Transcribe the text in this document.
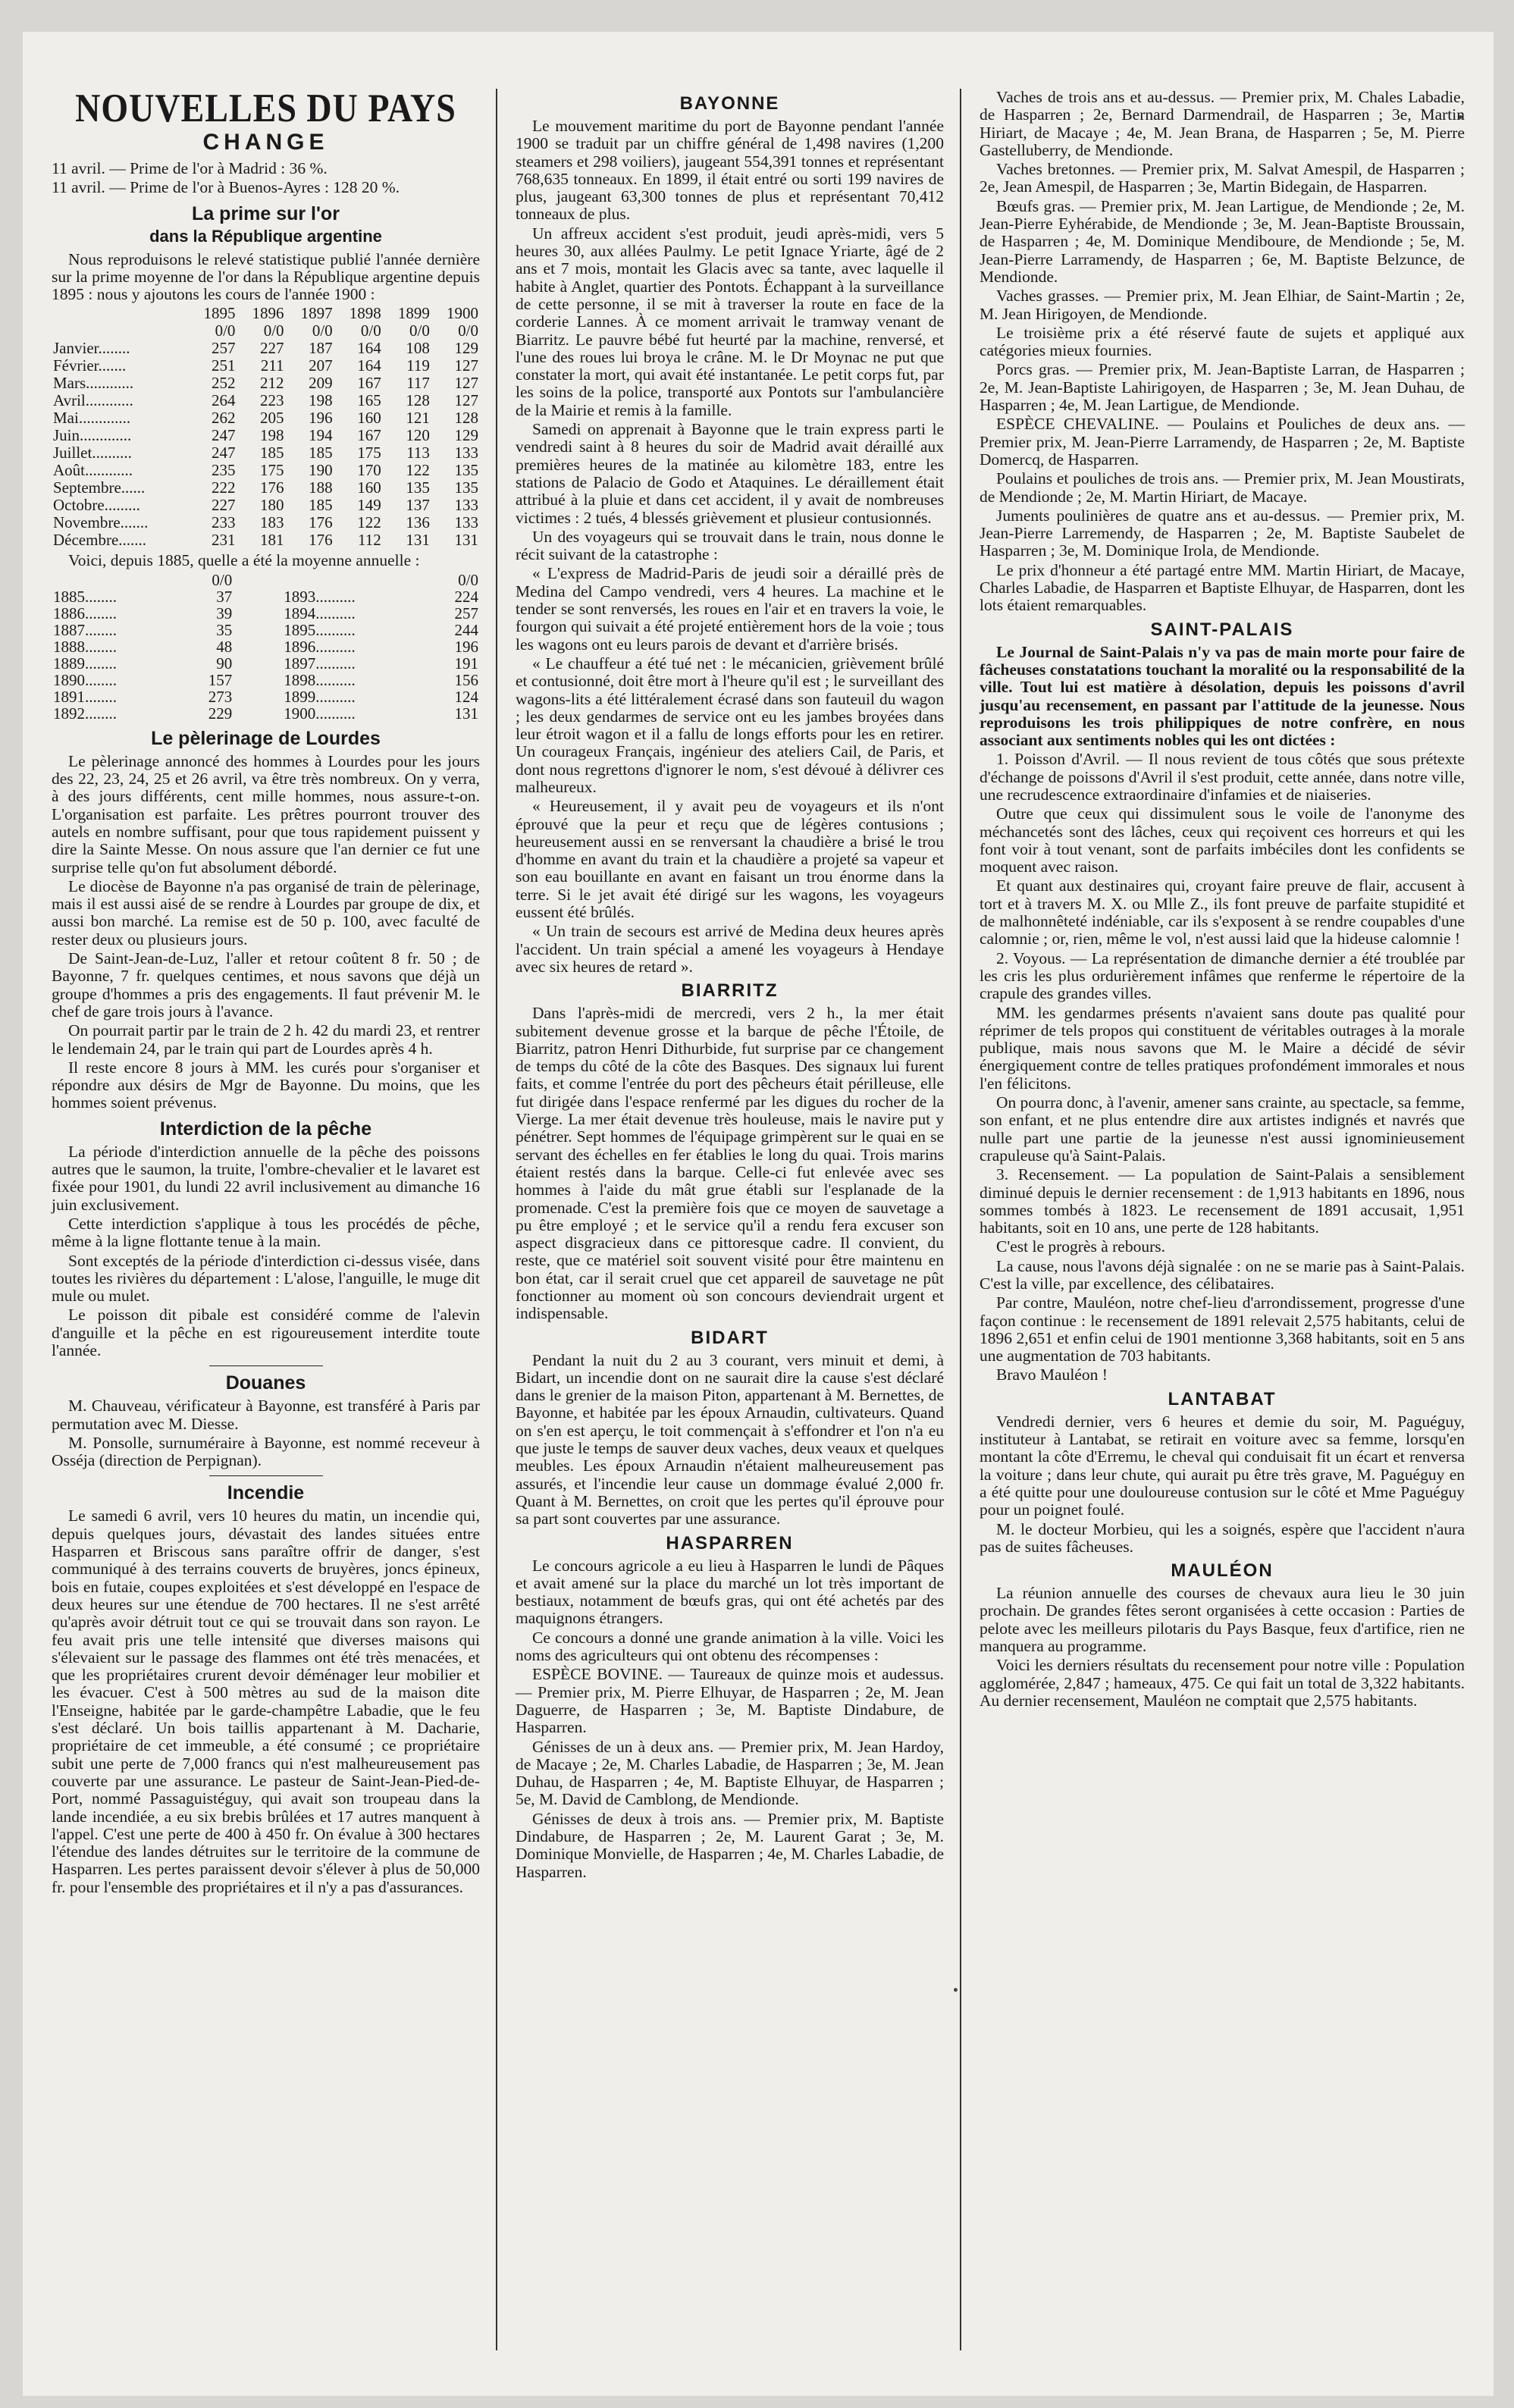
NOUVELLES DU PAYS
CHANGE

11 avril. — Prime de l'or à Madrid : 36 %.

11 avril. — Prime de l'or à Buenos-Ayres : 128 20 %.

La prime sur l'or
dans la République argentine

Nous reproduisons le relevé statistique publié l'année dernière sur la prime moyenne de l'or dans la République argentine depuis 1895 : nous y ajoutons les cours de l'année 1900 :

	1895	1896	1897	1898	1899	1900
	0/0	0/0	0/0	0/0	0/0	0/0
Janvier........	257	227	187	164	108	129
Février.......	251	211	207	164	119	127
Mars............	252	212	209	167	117	127
Avril............	264	223	198	165	128	127
Mai.............	262	205	196	160	121	128
Juin.............	247	198	194	167	120	129
Juillet..........	247	185	185	175	113	133
Août............	235	175	190	170	122	135
Septembre......	222	176	188	160	135	135
Octobre.........	227	180	185	149	137	133
Novembre.......	233	183	176	122	136	133
Décembre.......	231	181	176	112	131	131

Voici, depuis 1885, quelle a été la moyenne annuelle :

	0/0			0/0
1885........	37		1893..........	224
1886........	39		1894..........	257
1887........	35		1895..........	244
1888........	48		1896..........	196
1889........	90		1897..........	191
1890........	157		1898..........	156
1891........	273		1899..........	124
1892........	229		1900..........	131
Le pèlerinage de Lourdes

Le pèlerinage annoncé des hommes à Lourdes pour les jours des 22, 23, 24, 25 et 26 avril, va être très nombreux. On y verra, à des jours différents, cent mille hommes, nous assure-t-on. L'organisation est parfaite. Les prêtres pourront trouver des autels en nombre suffisant, pour que tous rapidement puissent y dire la Sainte Messe. On nous assure que l'an dernier ce fut une surprise telle qu'on fut absolument débordé.

Le diocèse de Bayonne n'a pas organisé de train de pèlerinage, mais il est aussi aisé de se rendre à Lourdes par groupe de dix, et aussi bon marché. La remise est de 50 p. 100, avec faculté de rester deux ou plusieurs jours.

De Saint-Jean-de-Luz, l'aller et retour coûtent 8 fr. 50 ; de Bayonne, 7 fr. quelques centimes, et nous savons que déjà un groupe d'hommes a pris des engagements. Il faut prévenir M. le chef de gare trois jours à l'avance.

On pourrait partir par le train de 2 h. 42 du mardi 23, et rentrer le lendemain 24, par le train qui part de Lourdes après 4 h.

Il reste encore 8 jours à MM. les curés pour s'organiser et répondre aux désirs de Mgr de Bayonne. Du moins, que les hommes soient prévenus.

Interdiction de la pêche

La période d'interdiction annuelle de la pêche des poissons autres que le saumon, la truite, l'ombre-chevalier et le lavaret est fixée pour 1901, du lundi 22 avril inclusivement au dimanche 16 juin exclusivement.

Cette interdiction s'applique à tous les procédés de pêche, même à la ligne flottante tenue à la main.

Sont exceptés de la période d'interdiction ci-dessus visée, dans toutes les rivières du département : L'alose, l'anguille, le muge dit mule ou mulet.

Le poisson dit pibale est considéré comme de l'alevin d'anguille et la pêche en est rigoureusement interdite toute l'année.

Douanes

M. Chauveau, vérificateur à Bayonne, est transféré à Paris par permutation avec M. Diesse.

M. Ponsolle, surnuméraire à Bayonne, est nommé receveur à Osséja (direction de Perpignan).

Incendie

Le samedi 6 avril, vers 10 heures du matin, un incendie qui, depuis quelques jours, dévastait des landes situées entre Hasparren et Briscous sans paraître offrir de danger, s'est communiqué à des terrains couverts de bruyères, joncs épineux, bois en futaie, coupes exploitées et s'est développé en l'espace de deux heures sur une étendue de 700 hectares. Il ne s'est arrêté qu'après avoir détruit tout ce qui se trouvait dans son rayon. Le feu avait pris une telle intensité que diverses maisons qui s'élevaient sur le passage des flammes ont été très menacées, et que les propriétaires crurent devoir déménager leur mobilier et les évacuer. C'est à 500 mètres au sud de la maison dite l'Enseigne, habitée par le garde-champêtre Labadie, que le feu s'est déclaré. Un bois taillis appartenant à M. Dacharie, propriétaire de cet immeuble, a été consumé ; ce propriétaire subit une perte de 7,000 francs qui n'est malheureusement pas couverte par une assurance. Le pasteur de Saint-Jean-Pied-de-Port, nommé Passaguistéguy, qui avait son troupeau dans la lande incendiée, a eu six brebis brûlées et 17 autres manquent à l'appel. C'est une perte de 400 à 450 fr. On évalue à 300 hectares l'étendue des landes détruites sur le territoire de la commune de Hasparren. Les pertes paraissent devoir s'élever à plus de 50,000 fr. pour l'ensemble des propriétaires et il n'y a pas d'assurances.

BAYONNE

Le mouvement maritime du port de Bayonne pendant l'année 1900 se traduit par un chiffre général de 1,498 navires (1,200 steamers et 298 voiliers), jaugeant 554,391 tonnes et représentant 768,635 tonneaux. En 1899, il était entré ou sorti 199 navires de plus, jaugeant 63,300 tonnes de plus et représentant 70,412 tonneaux de plus.

Un affreux accident s'est produit, jeudi après-midi, vers 5 heures 30, aux allées Paulmy. Le petit Ignace Yriarte, âgé de 2 ans et 7 mois, montait les Glacis avec sa tante, avec laquelle il habite à Anglet, quartier des Pontots. Échappant à la surveillance de cette personne, il se mit à traverser la route en face de la corderie Lannes. À ce moment arrivait le tramway venant de Biarritz. Le pauvre bébé fut heurté par la machine, renversé, et l'une des roues lui broya le crâne. M. le Dr Moynac ne put que constater la mort, qui avait été instantanée. Le petit corps fut, par les soins de la police, transporté aux Pontots sur l'ambulancière de la Mairie et remis à la famille.

Samedi on apprenait à Bayonne que le train express parti le vendredi saint à 8 heures du soir de Madrid avait déraillé aux premières heures de la matinée au kilomètre 183, entre les stations de Palacio de Godo et Ataquines. Le déraillement était attribué à la pluie et dans cet accident, il y avait de nombreuses victimes : 2 tués, 4 blessés grièvement et plusieur contusionnés.

Un des voyageurs qui se trouvait dans le train, nous donne le récit suivant de la catastrophe :

« L'express de Madrid-Paris de jeudi soir a déraillé près de Medina del Campo vendredi, vers 4 heures. La machine et le tender se sont renversés, les roues en l'air et en travers la voie, le fourgon qui suivait a été projeté entièrement hors de la voie ; tous les wagons ont eu leurs parois de devant et d'arrière brisés.

« Le chauffeur a été tué net : le mécanicien, grièvement brûlé et contusionné, doit être mort à l'heure qu'il est ; le surveillant des wagons-lits a été littéralement écrasé dans son fauteuil du wagon ; les deux gendarmes de service ont eu les jambes broyées dans leur étroit wagon et il a fallu de longs efforts pour les en retirer. Un courageux Français, ingénieur des ateliers Cail, de Paris, et dont nous regrettons d'ignorer le nom, s'est dévoué à délivrer ces malheureux.

« Heureusement, il y avait peu de voyageurs et ils n'ont éprouvé que la peur et reçu que de légères contusions ; heureusement aussi en se renversant la chaudière a brisé le trou d'homme en avant du train et la chaudière a projeté sa vapeur et son eau bouillante en avant en faisant un trou énorme dans la terre. Si le jet avait été dirigé sur les wagons, les voyageurs eussent été brûlés.

« Un train de secours est arrivé de Medina deux heures après l'accident. Un train spécial a amené les voyageurs à Hendaye avec six heures de retard ».

BIARRITZ

Dans l'après-midi de mercredi, vers 2 h., la mer était subitement devenue grosse et la barque de pêche l'Étoile, de Biarritz, patron Henri Dithurbide, fut surprise par ce changement de temps du côté de la côte des Basques. Des signaux lui furent faits, et comme l'entrée du port des pêcheurs était périlleuse, elle fut dirigée dans l'espace renfermé par les digues du rocher de la Vierge. La mer était devenue très houleuse, mais le navire put y pénétrer. Sept hommes de l'équipage grimpèrent sur le quai en se servant des échelles en fer établies le long du quai. Trois marins étaient restés dans la barque. Celle-ci fut enlevée avec ses hommes à l'aide du mât grue établi sur l'esplanade de la promenade. C'est la première fois que ce moyen de sauvetage a pu être employé ; et le service qu'il a rendu fera excuser son aspect disgracieux dans ce pittoresque cadre. Il convient, du reste, que ce matériel soit souvent visité pour être maintenu en bon état, car il serait cruel que cet appareil de sauvetage ne pût fonctionner au moment où son concours deviendrait urgent et indispensable.

BIDART

Pendant la nuit du 2 au 3 courant, vers minuit et demi, à Bidart, un incendie dont on ne saurait dire la cause s'est déclaré dans le grenier de la maison Piton, appartenant à M. Bernettes, de Bayonne, et habitée par les époux Arnaudin, cultivateurs. Quand on s'en est aperçu, le toit commençait à s'effondrer et l'on n'a eu que juste le temps de sauver deux vaches, deux veaux et quelques meubles. Les époux Arnaudin n'étaient malheureusement pas assurés, et l'incendie leur cause un dommage évalué 2,000 fr. Quant à M. Bernettes, on croit que les pertes qu'il éprouve pour sa part sont couvertes par une assurance.

HASPARREN

Le concours agricole a eu lieu à Hasparren le lundi de Pâques et avait amené sur la place du marché un lot très important de bestiaux, notamment de bœufs gras, qui ont été achetés par des maquignons étrangers.

Ce concours a donné une grande animation à la ville. Voici les noms des agriculteurs qui ont obtenu des récompenses :

ESPÈCE BOVINE. — Taureaux de quinze mois et audessus. — Premier prix, M. Pierre Elhuyar, de Hasparren ; 2e, M. Jean Daguerre, de Hasparren ; 3e, M. Baptiste Dindabure, de Hasparren.

Génisses de un à deux ans. — Premier prix, M. Jean Hardoy, de Macaye ; 2e, M. Charles Labadie, de Hasparren ; 3e, M. Jean Duhau, de Hasparren ; 4e, M. Baptiste Elhuyar, de Hasparren ; 5e, M. David de Camblong, de Mendionde.

Génisses de deux à trois ans. — Premier prix, M. Baptiste Dindabure, de Hasparren ; 2e, M. Laurent Garat ; 3e, M. Dominique Monvielle, de Hasparren ; 4e, M. Charles Labadie, de Hasparren.

Vaches de trois ans et au-dessus. — Premier prix, M. Chales Labadie, de Hasparren ; 2e, Bernard Darmendrail, de Hasparren ; 3e, Martin Hiriart, de Macaye ; 4e, M. Jean Brana, de Hasparren ; 5e, M. Pierre Gastelluberry, de Mendionde.

Vaches bretonnes. — Premier prix, M. Salvat Amespil, de Hasparren ; 2e, Jean Amespil, de Hasparren ; 3e, Martin Bidegain, de Hasparren.

Bœufs gras. — Premier prix, M. Jean Lartigue, de Mendionde ; 2e, M. Jean-Pierre Eyhérabide, de Mendionde ; 3e, M. Jean-Baptiste Broussain, de Hasparren ; 4e, M. Dominique Mendiboure, de Mendionde ; 5e, M. Jean-Pierre Larramendy, de Hasparren ; 6e, M. Baptiste Belzunce, de Mendionde.

Vaches grasses. — Premier prix, M. Jean Elhiar, de Saint-Martin ; 2e, M. Jean Hirigoyen, de Mendionde.

Le troisième prix a été réservé faute de sujets et appliqué aux catégories mieux fournies.

Porcs gras. — Premier prix, M. Jean-Baptiste Larran, de Hasparren ; 2e, M. Jean-Baptiste Lahirigoyen, de Hasparren ; 3e, M. Jean Duhau, de Hasparren ; 4e, M. Jean Lartigue, de Mendionde.

ESPÈCE CHEVALINE. — Poulains et Pouliches de deux ans. — Premier prix, M. Jean-Pierre Larramendy, de Hasparren ; 2e, M. Baptiste Domercq, de Hasparren.

Poulains et pouliches de trois ans. — Premier prix, M. Jean Moustirats, de Mendionde ; 2e, M. Martin Hiriart, de Macaye.

Juments poulinières de quatre ans et au-dessus. — Premier prix, M. Jean-Pierre Larremendy, de Hasparren ; 2e, M. Baptiste Saubelet de Hasparren ; 3e, M. Dominique Irola, de Mendionde.

Le prix d'honneur a été partagé entre MM. Martin Hiriart, de Macaye, Charles Labadie, de Hasparren et Baptiste Elhuyar, de Hasparren, dont les lots étaient remarquables.

SAINT-PALAIS

Le Journal de Saint-Palais n'y va pas de main morte pour faire de fâcheuses constatations touchant la moralité ou la responsabilité de la ville. Tout lui est matière à désolation, depuis les poissons d'avril jusqu'au recensement, en passant par l'attitude de la jeunesse. Nous reproduisons les trois philippiques de notre confrère, en nous associant aux sentiments nobles qui les ont dictées :

1. Poisson d'Avril. — Il nous revient de tous côtés que sous prétexte d'échange de poissons d'Avril il s'est produit, cette année, dans notre ville, une recrudescence extraordinaire d'infamies et de niaiseries.

Outre que ceux qui dissimulent sous le voile de l'anonyme des méchancetés sont des lâches, ceux qui reçoivent ces horreurs et qui les font voir à tout venant, sont de parfaits imbéciles dont les confidents se moquent avec raison.

Et quant aux destinaires qui, croyant faire preuve de flair, accusent à tort et à travers M. X. ou Mlle Z., ils font preuve de parfaite stupidité et de malhonnêteté indéniable, car ils s'exposent à se rendre coupables d'une calomnie ; or, rien, même le vol, n'est aussi laid que la hideuse calomnie !

2. Voyous. — La représentation de dimanche dernier a été troublée par les cris les plus ordurièrement infâmes que renferme le répertoire de la crapule des grandes villes.

MM. les gendarmes présents n'avaient sans doute pas qualité pour réprimer de tels propos qui constituent de véritables outrages à la morale publique, mais nous savons que M. le Maire a décidé de sévir énergiquement contre de telles pratiques profondément immorales et nous l'en félicitons.

On pourra donc, à l'avenir, amener sans crainte, au spectacle, sa femme, son enfant, et ne plus entendre dire aux artistes indignés et navrés que nulle part une partie de la jeunesse n'est aussi ignominieusement crapuleuse qu'à Saint-Palais.

3. Recensement. — La population de Saint-Palais a sensiblement diminué depuis le dernier recensement : de 1,913 habitants en 1896, nous sommes tombés à 1823. Le recensement de 1891 accusait, 1,951 habitants, soit en 10 ans, une perte de 128 habitants.

C'est le progrès à rebours.

La cause, nous l'avons déjà signalée : on ne se marie pas à Saint-Palais. C'est la ville, par excellence, des célibataires.

Par contre, Mauléon, notre chef-lieu d'arrondissement, progresse d'une façon continue : le recensement de 1891 relevait 2,575 habitants, celui de 1896 2,651 et enfin celui de 1901 mentionne 3,368 habitants, soit en 5 ans une augmentation de 703 habitants.

Bravo Mauléon !

LANTABAT

Vendredi dernier, vers 6 heures et demie du soir, M. Paguéguy, instituteur à Lantabat, se retirait en voiture avec sa femme, lorsqu'en montant la côte d'Erremu, le cheval qui conduisait fit un écart et renversa la voiture ; dans leur chute, qui aurait pu être très grave, M. Paguéguy en a été quitte pour une douloureuse contusion sur le côté et Mme Paguéguy pour un poignet foulé.

M. le docteur Morbieu, qui les a soignés, espère que l'accident n'aura pas de suites fâcheuses.

MAULÉON

La réunion annuelle des courses de chevaux aura lieu le 30 juin prochain. De grandes fêtes seront organisées à cette occasion : Parties de pelote avec les meilleurs pilotaris du Pays Basque, feux d'artifice, rien ne manquera au programme.

Voici les derniers résultats du recensement pour notre ville : Population agglomérée, 2,847 ; hameaux, 475. Ce qui fait un total de 3,322 habitants. Au dernier recensement, Mauléon ne comptait que 2,575 habitants.
